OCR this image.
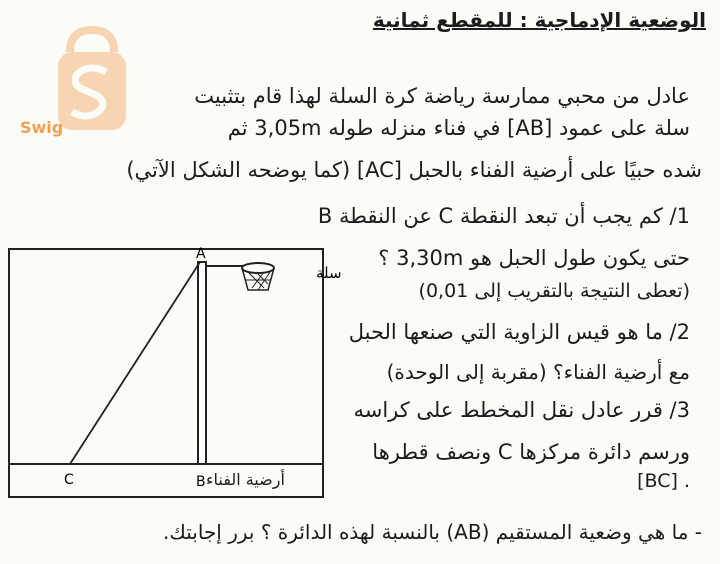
Swig
الوضعية الإدماجية : للمقطع ثمانية
عادل من محبي ممارسة رياضة كرة السلة لهذا قام بتثبيت
سلة على عمود [AB] في فناء منزله طوله 3,05m ثم
شده حبيًا على أرضية الفناء بالحبل [AC] (كما يوضحه الشكل الآتي)
1/ كم يجب أن تبعد النقطة C عن النقطة B
حتى يكون طول الحبل هو 3,30m ؟
(تعطى النتيجة بالتقريب إلى 0,01)
2/ ما هو قيس الزاوية التي صنعها الحبل
مع أرضية الفناء؟ (مقربة إلى الوحدة)
3/ قرر عادل نقل المخطط على كراسه
ورسم دائرة مركزها C ونصف قطرها
. [BC]
- ما هي وضعية المستقيم (AB) بالنسبة لهذه الدائرة ؟ برر إجابتك.
A
B
C
سلة
أرضية الفناء
